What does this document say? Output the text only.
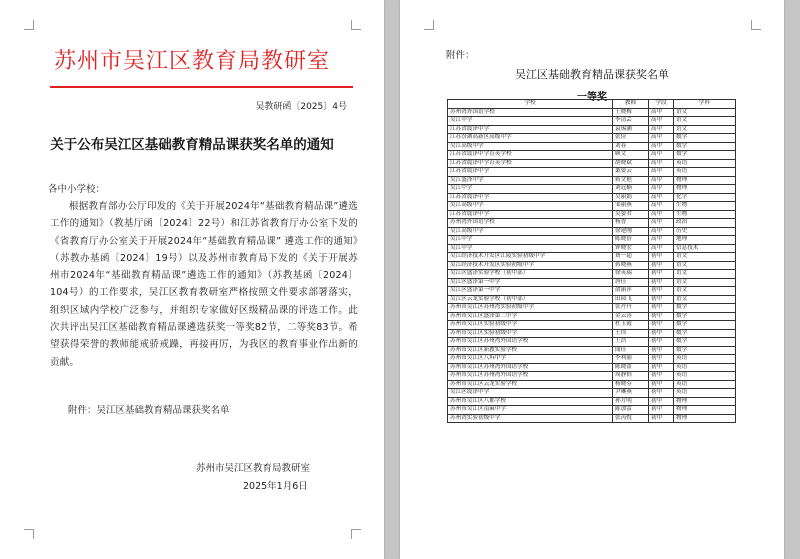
苏州市吴江区教育局教研室
吴教研函〔2025〕4号
关于公布吴江区基础教育精品课获奖名单的通知
各中小学校：
根据教育部办公厅印发的《关于开展2024年“基础教育精品课”遴选工作的通知》（教基厅函〔2024〕22号）和江苏省教育厅办公室下发的《省教育厅办公室关于开展2024年“基础教育精品课” 遴选工作的通知》（苏教办基函〔2024〕19号）以及苏州市教育局下发的《关于开展苏州市2024年“基础教育精品课”遴选工作的通知》（苏教基函〔2024〕104号）的工作要求，吴江区教育教研室严格按照文件要求部署落实，组织区域内学校广泛参与，并组织专家做好区级精品课的评选工作。此次共评出吴江区基础教育精品课遴选获奖一等奖82节，二等奖83节。希望获得荣誉的教师能戒骄戒躁，再接再厉，为我区的教育事业作出新的贡献。
附件：吴江区基础教育精品课获奖名单
苏州市吴江区教育局教研室
2025年1月6日
附件：
吴江区基础教育精品课获奖名单
一等奖
学校	教师	学段	学科
苏州湾外国语学校	王晓梅	高中	语文
吴江中学	李清芸	高中	语文
江苏省震泽中学	袁锡涵	高中	语文
江苏汾湖高新区高级中学	张俭	高中	数学
吴江高级中学	刘春	高中	数学
江苏省震泽中学育英学校	顾文	高中	数学
江苏省震泽中学育英学校	胡晓斌	高中	英语
江苏省震泽中学	桑晏云	高中	英语
吴江盛泽中学	蒋文艳	高中	物理
吴江中学	刘冠楠	高中	物理
江苏省震泽中学	吴丽娟	高中	化学
吴江高级中学	邹丽燕	高中	生物
江苏省震泽中学	吴晏君	高中	生物
苏州湾外国语学校	杨香	高中	政治
吴江高级中学	徐建刚	高中	历史
吴江中学	陈晓蓓	高中	地理
吴江中学	钟晓宏	高中	信息技术
吴江经济技术开发区江陵实验初级中学	费一超	初中	语文
吴江经济技术开发区实验初级中学	蒋晓燕	初中	语文
吴江区盛泽实验学校（初中部）	徐英瑞	初中	语文
吴江区盛泽第一中学	唐佳	初中	语文
吴江区盛泽第一中学	俞丽萍	初中	语文
吴江区云龙实验学校（初中部）	田园飞	初中	语文
苏州市吴江区苏州湾实验初级中学	张丹丹	初中	数学
苏州市吴江区盛泽第二中学	金云涛	初中	数学
苏州市吴江区实验初级中学	杜玉霞	初中	数学
苏州市吴江区实验初级中学	王伟	初中	数学
苏州市吴江区苏州湾外国语学校	王浩	初中	数学
苏州市吴江区新教实验学校	闻佳	初中	数学
苏州市吴江区八坼中学	李利丽	初中	英语
苏州市吴江区苏州湾外国语学校	陈晓蕾	初中	英语
苏州市吴江区苏州湾外国语学校	周静怡	初中	英语
苏州市吴江区云龙实验学校	杨晓芬	初中	英语
吴江区震泽中学	尹琳燕	初中	英语
苏州市吴江区八都学校	孙方明	初中	物理
苏州市吴江区南麻中学	陈加雷	初中	物理
苏州湾实验初级中学	张芮悦	初中	物理
